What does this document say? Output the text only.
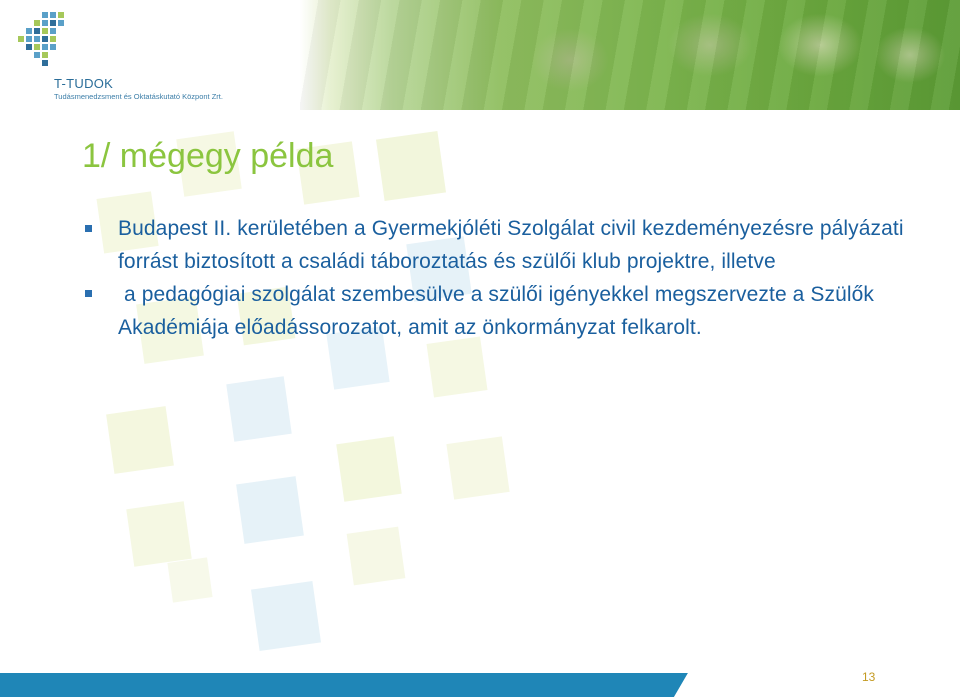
T-TUDOK
Tudásmenedzsment és Oktatáskutató Központ Zrt.
1/ mégegy példa
Budapest II. kerületében a Gyermekjóléti Szolgálat civil kezdeményezésre pályázati forrást biztosított a családi táboroztatás és szülői klub projektre, illetve
a pedagógiai szolgálat szembesülve a szülői igényekkel megszervezte a Szülők Akadémiája előadássorozatot, amit az önkormányzat felkarolt.
13
